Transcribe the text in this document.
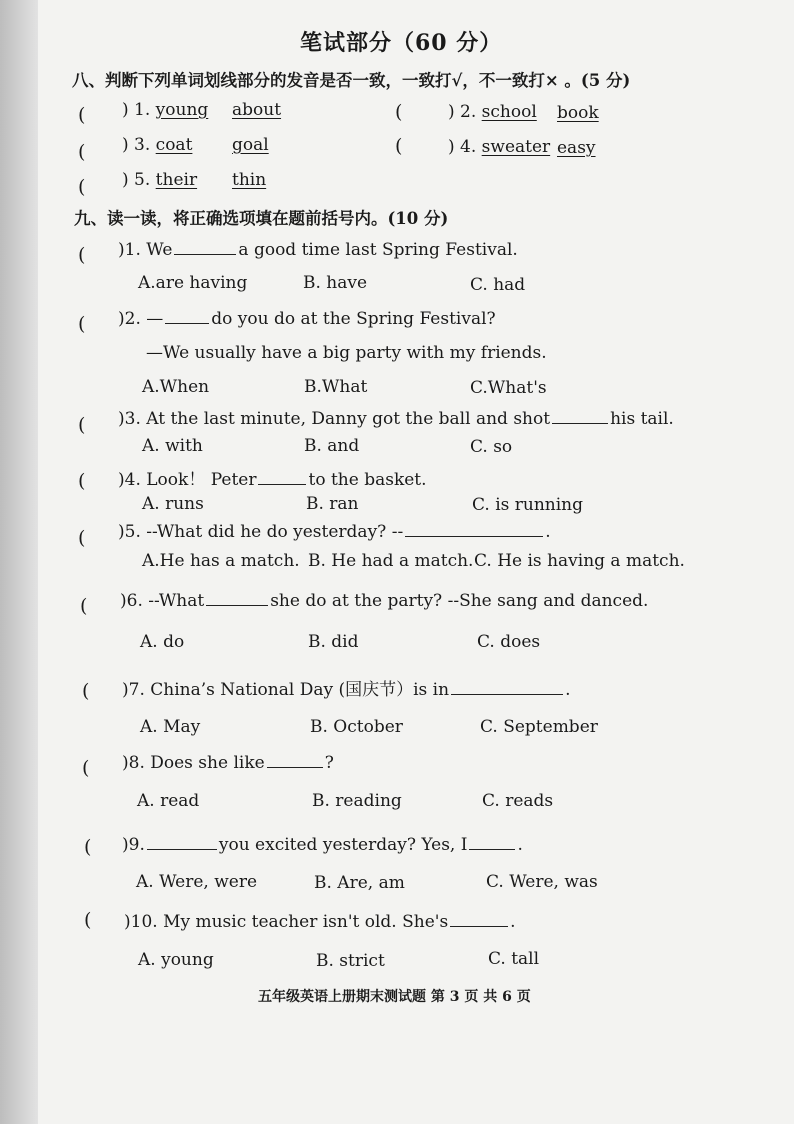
笔试部分（60 分）
八、判断下列单词划线部分的发音是否一致，一致打√，不一致打× 。(5 分)
( ) 1. young about	(	) 2. school book
( ) 3. coat goal	(	) 4. sweater easy
( ) 5. their thin
九、读一读，将正确选项填在题前括号内。(10 分)
( )1. We	a good time last Spring Festival.
A.are having	B. have	C. had
( )2. —	do you do at the Spring Festival?
—We usually have a big party with my friends.
A.When	B.What	C.What's
( )3. At the last minute, Danny got the ball and shot	his tail.
A. with	B. and	C. so
( )4. Look！ Peter	to the basket.
A. runs	B. ran	C. is running
( )5. --What did he do yesterday? --	.
A.He has a match. B. He had a match. C. He is having a match.
( )6. --What	she do at the party? --She sang and danced.
A. do	B. did	C. does
( )7. China’s National Day (国庆节）is in	.
A. May	B. October	C. September
( )8. Does she like	?
A. read	B. reading	C. reads
( )9.	you excited yesterday? Yes, I	.
A. Were, were	B. Are, am	C. Were, was
( )10. My music teacher isn't old. She's	.
A. young	B. strict	C. tall
五年级英语上册期末测试题 第 3 页 共 6 页
